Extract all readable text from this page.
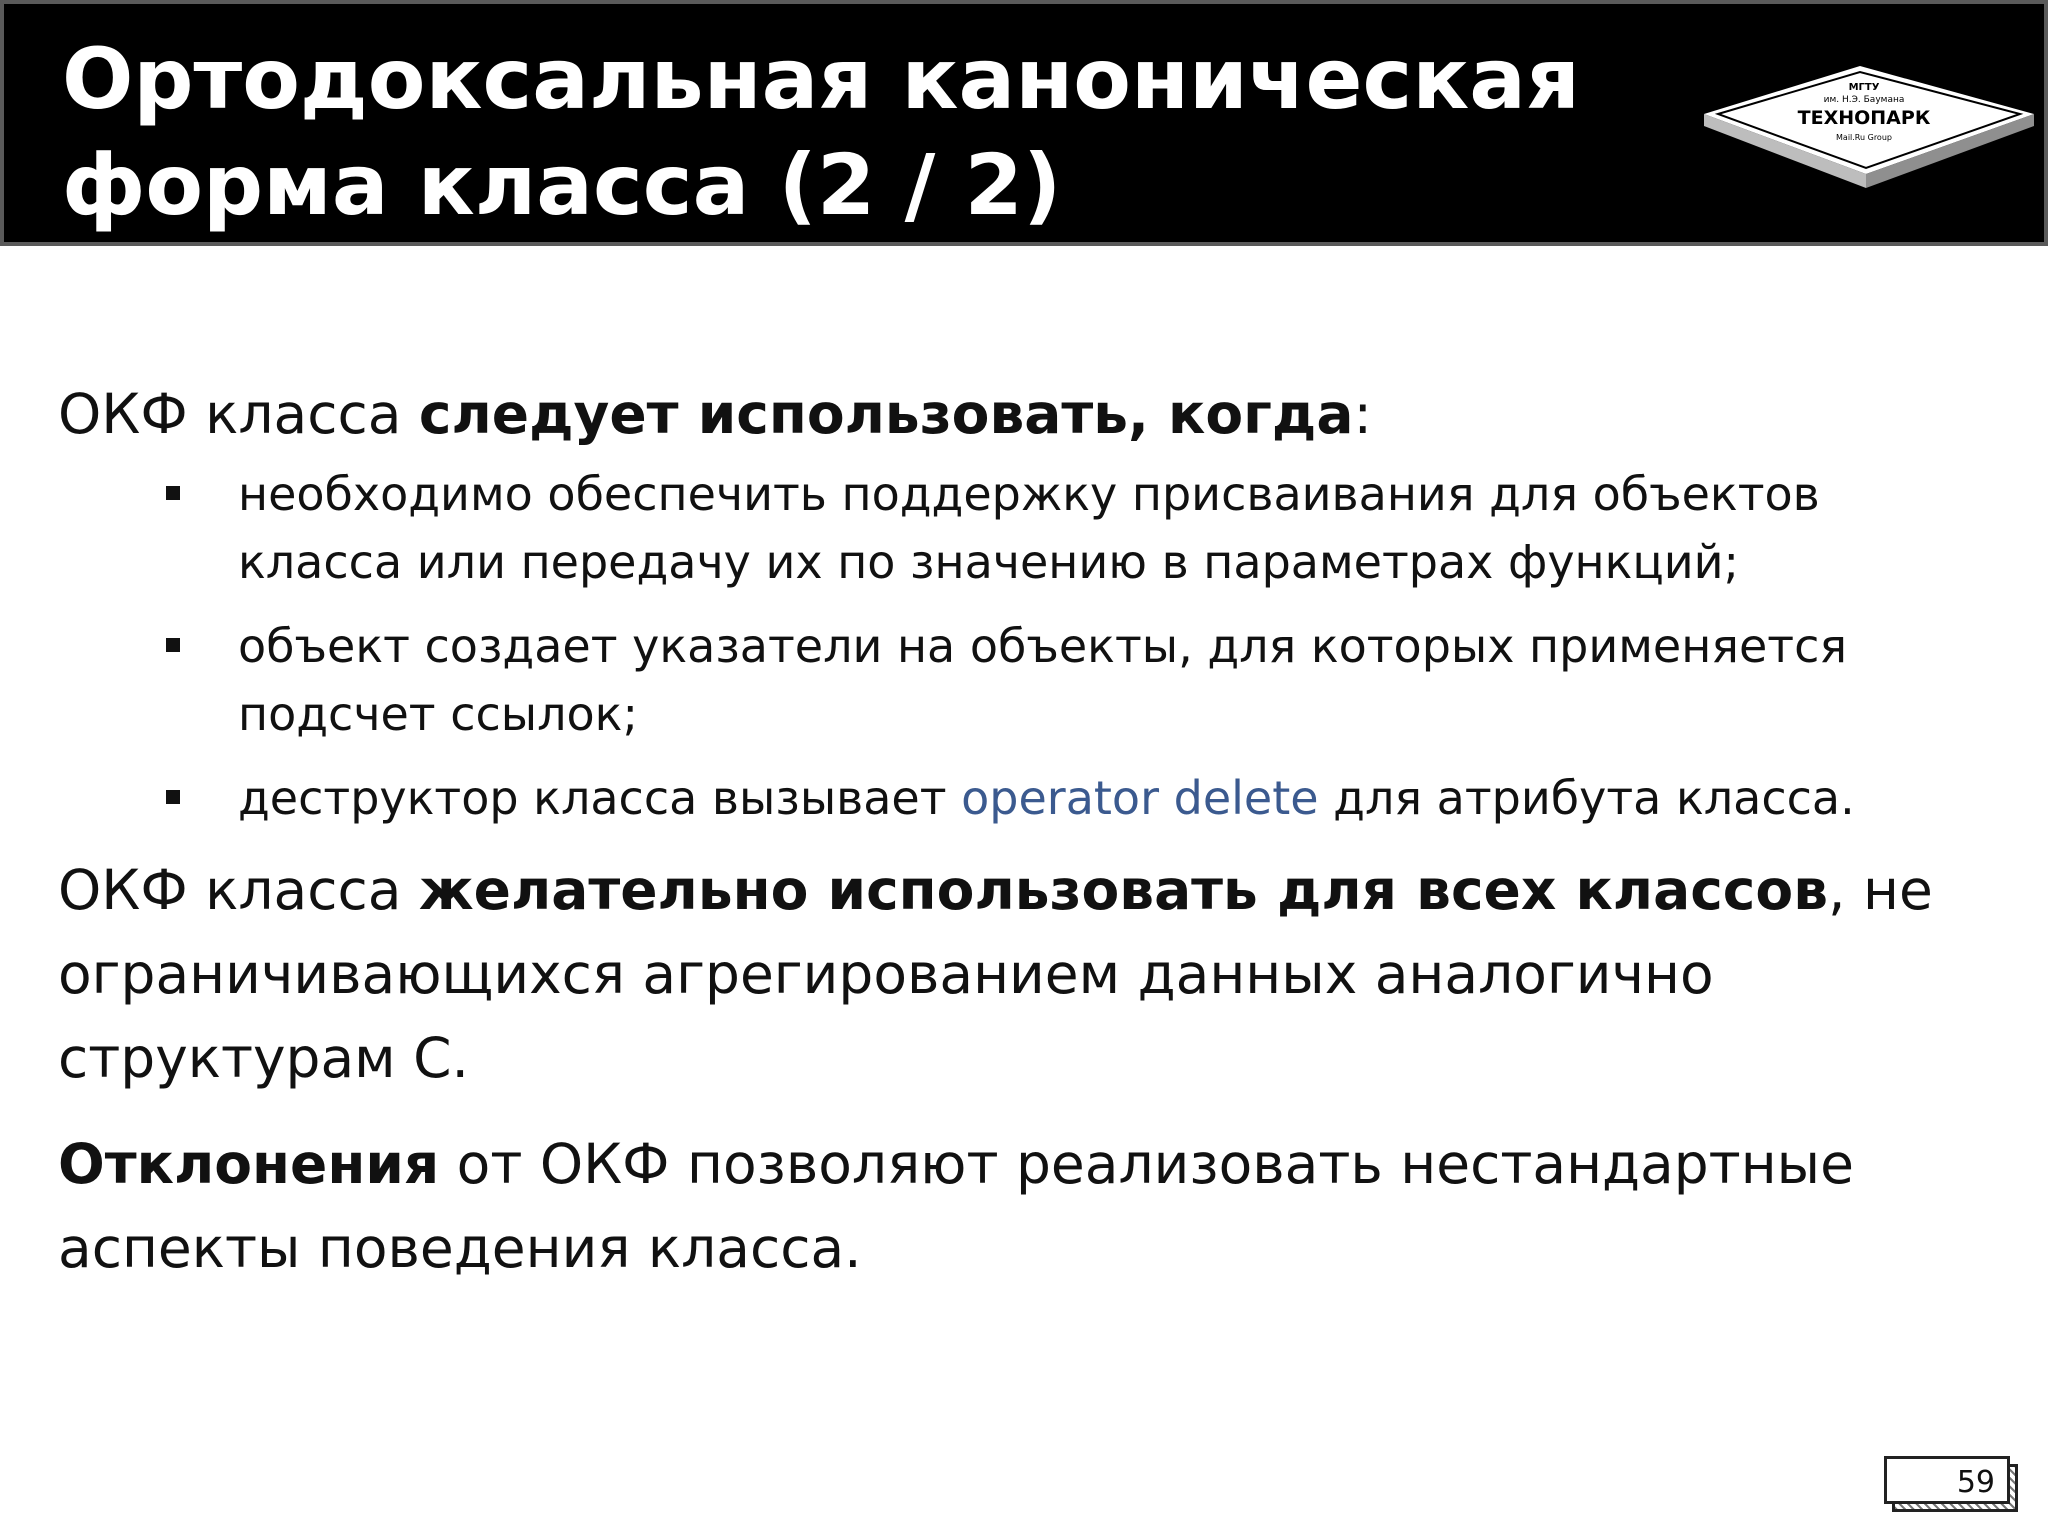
Ортодоксальная каноническая
форма класса (2 / 2)
МГТУ
им. Н.Э. Баумана
ТЕХНОПАРК
Mail.Ru Group

ОКФ класса следует использовать, когда:

необходимо обеспечить поддержку присваивания для объектов класса или передачу их по значению в параметрах функций;
объект создает указатели на объекты, для которых применяется подсчет ссылок;
деструктор класса вызывает operator delete для атрибута класса.

ОКФ класса желательно использовать для всех классов, не ограничивающихся агрегированием данных аналогично структурам С.

Отклонения от ОКФ позволяют реализовать нестандартные аспекты поведения класса.

59
